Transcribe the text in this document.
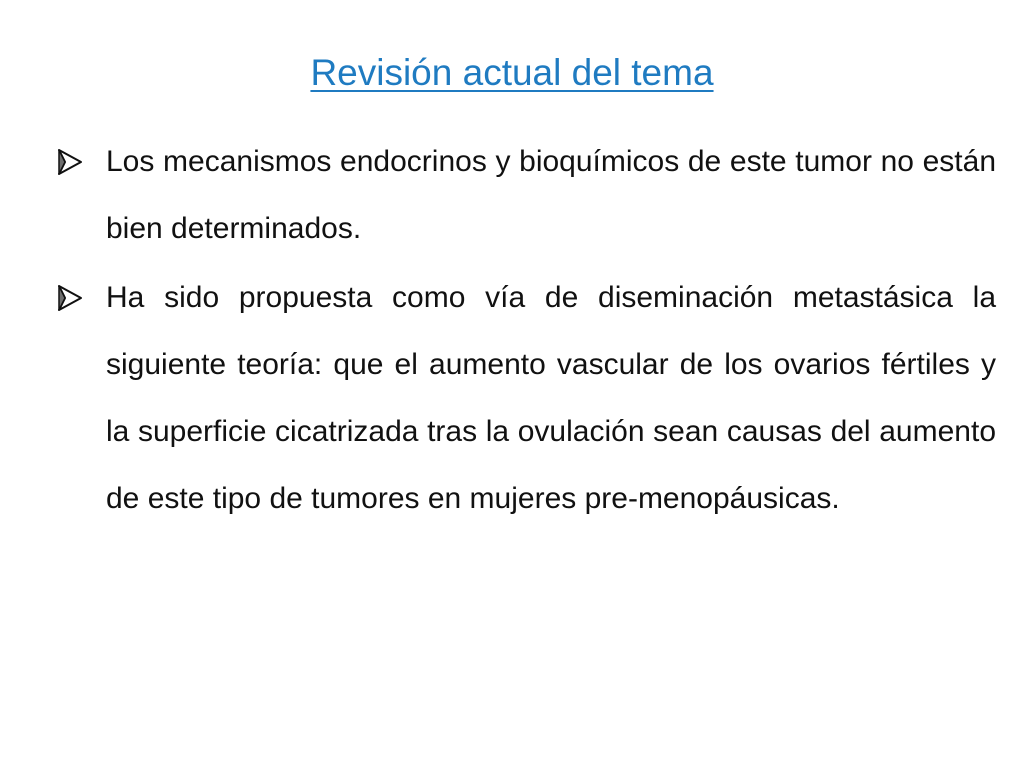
Revisión actual del tema
Los mecanismos endocrinos y bioquímicos de este tumor no están bien determinados.
Ha sido propuesta como vía de diseminación metastásica la siguiente teoría: que el aumento vascular de los ovarios fértiles y la superficie cicatrizada tras la ovulación sean causas del aumento de este tipo de tumores en mujeres pre-menopáusicas.
